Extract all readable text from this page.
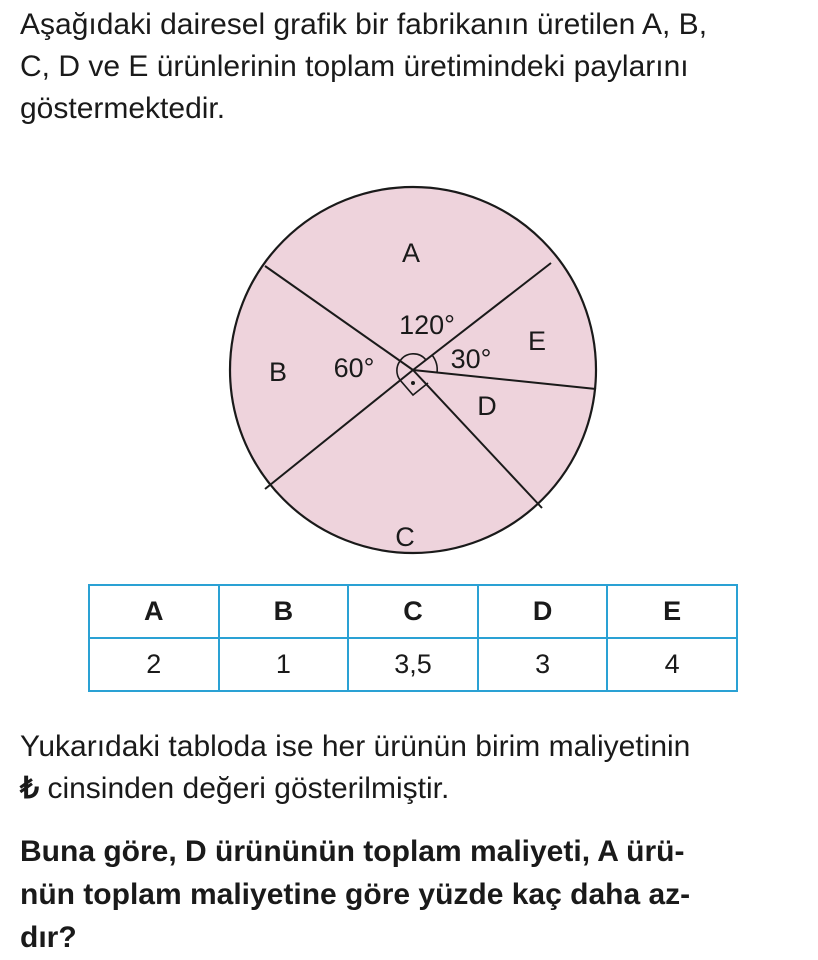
Aşağıdaki dairesel grafik bir fabrikanın üretilen A, B,

C, D ve E ürünlerinin toplam üretimindeki paylarını

göstermektedir.

A
B
C
D
E
120°
60°	30°
A	B	C	D	E
2	1	3,5	3	4
Yukarıdaki tabloda ise her ürünün birim maliyetinin
₺ cinsinden değeri gösterilmiştir.
Buna göre, D ürününün toplam maliyeti, A ürü-
nün toplam maliyetine göre yüzde kaç daha az-
dır?
